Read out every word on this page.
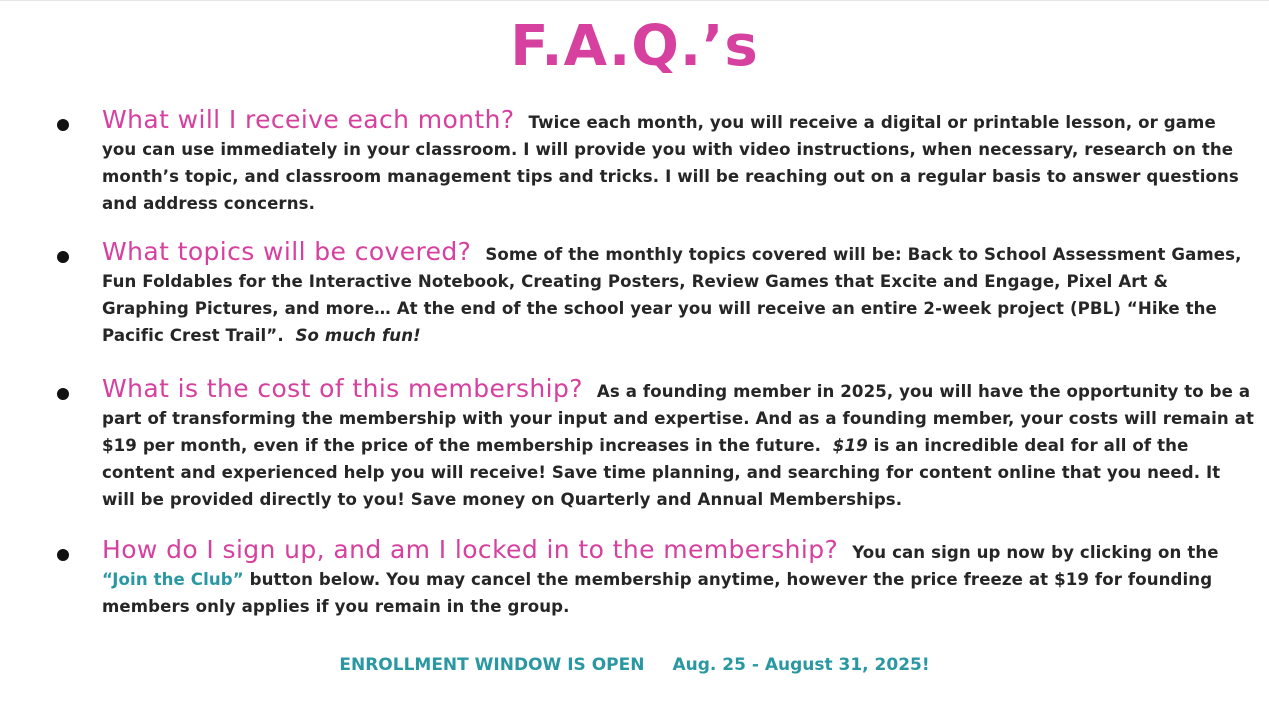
F.A.Q.’s
What will I receive each month? Twice each month, you will receive a digital or printable lesson, or game you can use immediately in your classroom. I will provide you with video instructions, when necessary, research on the month’s topic, and classroom management tips and tricks. I will be reaching out on a regular basis to answer questions and address concerns.
What topics will be covered? Some of the monthly topics covered will be: Back to School Assessment Games, Fun Foldables for the Interactive Notebook, Creating Posters, Review Games that Excite and Engage, Pixel Art & Graphing Pictures, and more… At the end of the school year you will receive an entire 2-week project (PBL) “Hike the Pacific Crest Trail”. So much fun!
What is the cost of this membership? As a founding member in 2025, you will have the opportunity to be a part of transforming the membership with your input and expertise. And as a founding member, your costs will remain at $19 per month, even if the price of the membership increases in the future. $19 is an incredible deal for all of the content and experienced help you will receive! Save time planning, and searching for content online that you need. It will be provided directly to you! Save money on Quarterly and Annual Memberships.
How do I sign up, and am I locked in to the membership? You can sign up now by clicking on the “Join the Club” button below. You may cancel the membership anytime, however the price freeze at $19 for founding members only applies if you remain in the group.
ENROLLMENT WINDOW IS OPEN Aug. 25 - August 31, 2025!
